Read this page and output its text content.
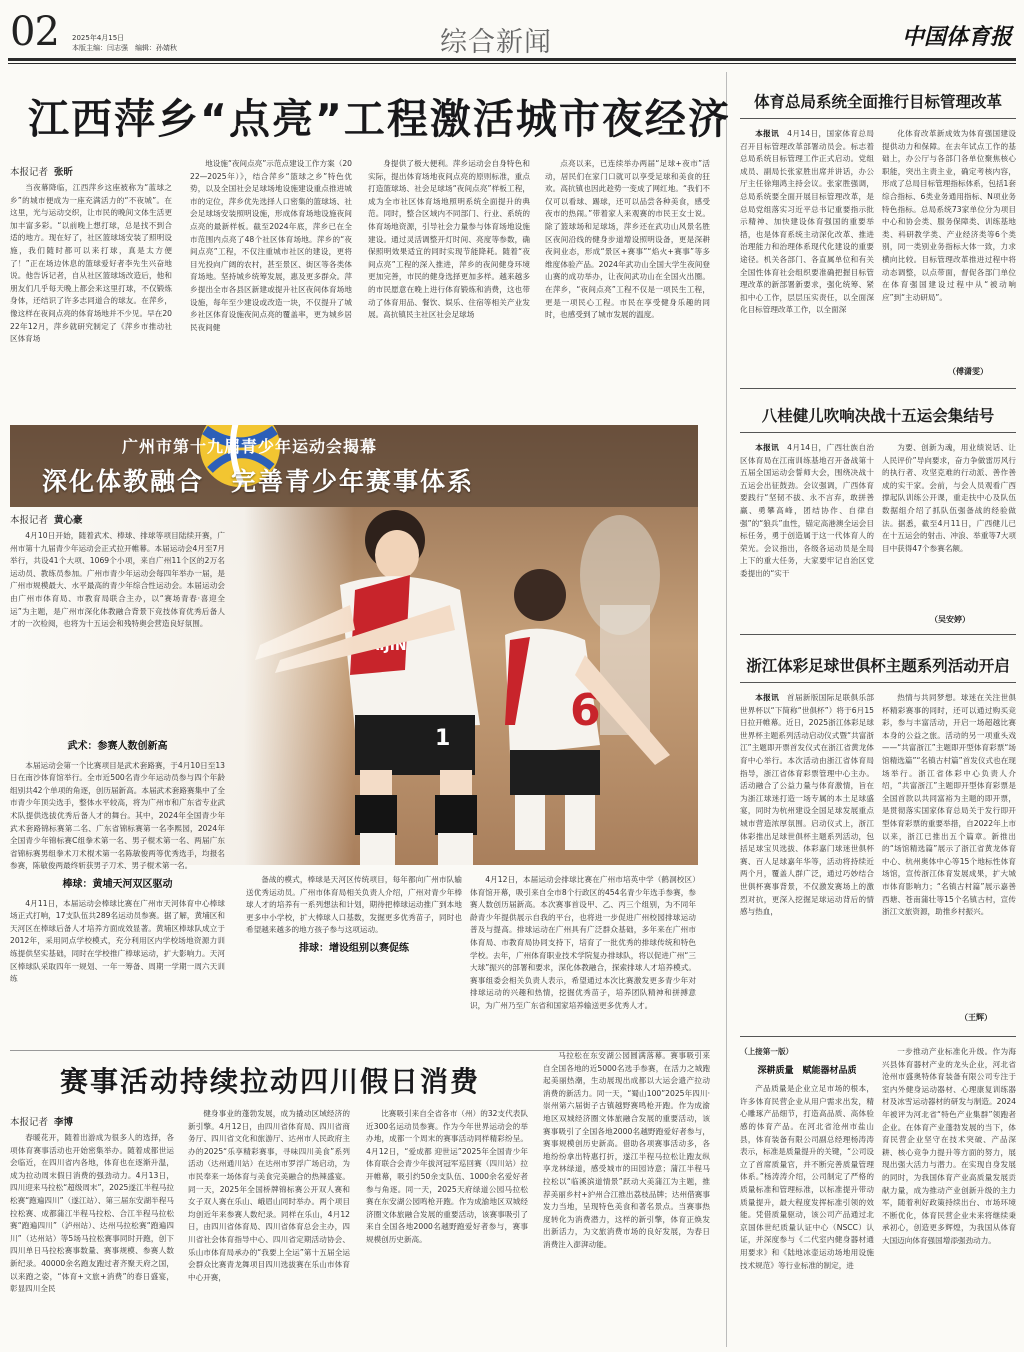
02 2025年4月15日
本版主编：闫志强　编辑：孙婧秋	综合新闻	中国体育报
江西萍乡“点亮”工程激活城市夜经济
本报记者 张昕

当夜幕降临，江西萍乡这座被称为“蓝球之乡”的城市便成为一座充满活力的“不夜城”。在这里，光与运动交织，让市民的晚间文体生活更加丰富多彩。“以前晚上想打球，总是找不到合适的地方。现在好了，社区篮球场安装了照明设施，我们随时都可以来打球，真是太方便了！”正在场边休息的篮球爱好者李先生兴奋地说。他告诉记者，自从社区篮球场改造后，他和朋友们几乎每天晚上都会来这里打球，不仅锻炼身体，还结识了许多志同道合的球友。在萍乡，像这样在夜间点亮的体育场地并不少见。早在2022年12月，萍乡就研究制定了《萍乡市推动社区体育场

地设施“夜间点亮”示范点建设工作方案（2022—2025年）》，结合萍乡“篮球之乡”特色优势，以及全国社会足球场地设施建设重点推进城市的定位，萍乡优先选择人口密集的篮球场、社会足球场安装照明设施，形成体育场地设施夜间点亮的最新样板。截至2024年底，萍乡已在全市范围内点亮了48个社区体育场地。萍乡的“夜间点亮”工程，不仅注重城市社区的建设，更将目光投向广阔的农村，甚至景区、街区等各类体育场地。坚持城乡统筹发展，惠及更多群众。萍乡提出全市各县区新建或提升社区夜间体育场地设施，每年至少建设或改造一块，不仅提升了城乡社区体育设施夜间点亮的覆盖率，更为城乡居民夜间健

身提供了极大便利。萍乡运动会自身特色和实际，提出体育场地夜间点亮的原则标准，重点打造篮球场、社会足球场“夜间点亮”样板工程，成为全市社区体育场地照明系统全面提升的典范。同时，整合区域内不同部门、行业、系统的体育场地资源，引导社会力量参与体育场地设施建设。通过灵活调整开灯时间、亮度等参数，确保照明效果适宜的同时实现节能降耗。随着“夜间点亮”工程的深入推进，萍乡的夜间健身环境更加完善，市民的健身选择更加多样。越来越多的市民愿意在晚上进行体育锻炼和消费，这也带动了体育用品、餐饮、娱乐、住宿等相关产业发展。高抗镇民主社区社会足球场

点亮以来，已连续举办两届“足球+夜市”活动，居民们在家门口就可以享受足球和美食的狂欢。高抗镇也因此趁势一变成了网红地。“我们不仅可以看球、踢球，还可以品尝各种美食，感受夜市的热闹。”带着家人来观赛的市民王女士说。除了篮球场和足球场，萍乡还在武功山风景名胜区夜间沿线的健身步道增设照明设备，更是深耕夜间业态，形成“景区+赛事”“焰火+赛事”等多维度体验产品。2024年武功山全国大学生夜间登山赛的成功举办，让夜间武功山在全国火出圈。在萍乡，“夜间点亮”工程不仅是一项民生工程，更是一项民心工程。市民在享受健身乐趣的同时，也感受到了城市发展的温度。

广州市第十九届青少年运动会揭幕
深化体教融合　完善青少年赛事体系
本报记者 黄心豪

4月10日开始，随着武术、棒球、排球等项目陆续开赛，广州市第十九届青少年运动会正式拉开帷幕。本届运动会4月至7月举行，共设41个大项、1069个小项，来自广州11个区的2万名运动员、教练员参加。广州市青少年运动会每四年举办一届，是广州市规模最大、水平最高的青少年综合性运动会。本届运动会由广州市体育局、市教育局联合主办，以“赛场青春·喜迎全运”为主题，是广州市深化体教融合背景下竞技体育优秀后备人才的一次检阅，也将为十五运会和残特奥会营造良好氛围。

武术：参赛人数创新高

本届运动会第一个比赛项目是武术套路赛，于4月10日至13日在南沙体育馆举行。全市近500名青少年运动员参与四个年龄组别共42个单项的角逐，创历届新高。本届武术套路赛集中了全市青少年顶尖选手，整体水平较高，将为广州市和广东省专业武术队提供选拔优秀后备人才的舞台。其中，2024年全国青少年武术套路锦标赛第二名、广东省锦标赛第一名李熙园，2024年全国青少年锦标赛C组拳术第一名、男子棍术第一名、两届广东省锦标赛男组拳术刀术棍术第一名陈敏俊两等优秀选手，均报名参赛，陈敏俊两最终斩获男子刀术、男子棍术第一名。

棒球：黄埔天河双区驱动

4月11日，本届运动会棒球比赛在广州市天河体育中心棒球场正式打响，17支队伍共289名运动员参赛。据了解，黄埔区和天河区在棒球后备人才培养方面成效显著。黄埔区棒球队成立于2012年，采用同点学校模式，充分利用区内学校场地资源力训练提供坚实基础，同时在学校推广棒球运动，扩大影响力。天河区棒球队采取四年一规划、一年一筹备、周期一学期一周六天训练

备战的模式，棒球是天河区传统项目，每年都向广州市队输送优秀运动员。广州市体育局相关负责人介绍，广州对青少年棒球人才的培养有一系列想法和计划，期待把棒球运动推广到本地更多中小学校，扩大棒球人口基数，发掘更多优秀苗子，同时也希望越来越多的地方孩子参与这项运动。

排球：增设组别以赛促练

4月12日，本届运动会排球比赛在广州市培英中学（鹤洞校区）体育馆开幕，吸引来自全市8个行政区的454名青少年选手参赛，参赛人数创历届新高。本次赛事首设甲、乙、丙三个组别，为不同年龄青少年提供展示自我的平台，也将进一步促进广州校园排球运动普及与提高。排球运动在广州具有广泛群众基础，多年来在广州市体育局、市教育局协同支持下，培育了一批优秀的排球传统和特色学校。去年，广州体育职业技术学院复办排球队，将以促进广州“三大球”振兴的部署和要求，深化体教融合，探索排球人才培养模式。赛事组委会相关负责人表示，希望通过本次比赛激发更多青少年对排球运动的兴趣和热情，挖掘优秀苗子，培养团队精神和拼搏意识，为广州乃至广东省和国家培养输送更多优秀人才。

赛事活动持续拉动四川假日消费
本报记者 李博

春暖花开，随着出游成为很多人的选择，各项体育赛事活动也开始密集举办。随着成都世运会临近，在四川省内各地，体育也在逐渐升温，成为拉动周末假日消费的强劲动力。4月13日，四川迎来马拉松“超级周末”，2025遂江半程马拉松赛“跑遍四川”（遂江站）、第三届东安湖半程马拉松赛、成都蒲江半程马拉松、合江半程马拉松赛“跑遍四川”（泸州站）、达州马拉松赛“跑遍四川”（达州站）等5场马拉松赛事同时开跑，创下四川单日马拉松赛事数量、赛事规模、参赛人数新纪录。40000余名跑友跑过者齐聚天府之国，以来跑之姿，“体育+文旅+消费”的春日盛宴，彰显四川全民

健身事业的蓬勃发展，成为撬动区域经济的新引擎。4月12日，由四川省体育局、四川省商务厅、四川省文化和旅游厅、达州市人民政府主办的2025“乐享精彩赛事，寻味四川美食”系列活动（达州通川站）在达州市罗浮广场启动，为市民奉来一场体育与美食完美融合的热辣盛宴。同一天，2025年全国桥牌锦标赛公开双人赛和女子双人赛在乐山、峨眉山同时举办。两个项目均创近年来参赛人数纪录。同样在乐山，4月12日，由四川省体育局、四川省体育总会主办，四川省社会体育指导中心、四川省定期活动协会、乐山市体育局承办的“我要上全运”第十五届全运会群众比赛青龙舞项目四川选拔赛在乐山市体育中心开赛，

比赛吸引来自全省各市（州）的32支代表队近300名运动员参赛。作为今年世界运动会的举办地，成都一个周末的赛事活动同样精彩纷呈。4月12日，“爱成都 迎世运”2025年全国青少年体育联合会青少年拔河冠军巡回赛（四川站）拉开帷幕，吸引约50余支队伍、1000余名爱好者参与角逐。同一天，2025天府绿道公园马拉松赛在东安湖公园鸣枪开跑。作为成渝地区双城经济圈文体旅融合发展的重要活动，该赛事吸引了来自全国各地2000名越野跑爱好者参与，赛事规模创历史新高。

马拉松在东安湖公园圆满落幕。赛事吸引来自全国各地的近5000名选手参赛，在活力之城跑起美丽热潮，生动展现出成都以大运会遗产拉动消费的新活力。同一天，“蜀山100”2025年四川·崇州第六届街子古镇越野赛鸣枪开跑。作为成渝地区双城经济圈文体旅融合发展的重要活动，该赛事吸引了全国各地2000名越野跑爱好者参与，赛事规模创历史新高。借助各项赛事活动多，各地纷纷拿出特惠打折，遂江半程马拉松让跑友纵享龙林绿道，感受城市的田园诗意；蒲江半程马拉松以“临溪滨道情景”跃动大美蒲江为主题，推荐美丽乡村+沪州合江推出荔枝品牌；达州借赛事发力当地，呈现特色美食和著名景点。当赛事热度转化为消费潜力，这样的新引擎，体育正焕发出新活力，为文旅消费市场的良好发展，为春日消费注入澎湃动能。

体育总局系统全面推行目标管理改革

本报讯　 4月14日，国家体育总局召开目标管理改革部署动员会。标志着总局系统目标管理工作正式启动。党组成员、副局长张家胜出席并讲话，办公厅主任徐翔鸿主持会议。张家胜强调，总局系统要全面开展目标管理改革，是总局党组落实习近平总书记重要指示批示精神、加快建设体育强国的重要举措，也是体育系统主动深化改革、推进治理能力和治理体系现代化建设的重要途径。机关各部门、各直属单位和有关全国性体育社会组织要准确把握目标管理改革的新部署新要求，强化统筹、紧扣中心工作，层层压实责任，以全面深化目标管理改革工作，以全面深

化体育改革新成效为体育强国建设提供动力和保障。在去年试点工作的基础上，办公厅与各部门各单位聚焦核心职能，突出主责主业，确定考核内容，形成了总局目标管理指标体系，包括1套综合指标、6类业务通用指标、N项业务特色指标。总局系统73家单位分为项目中心和协会类、服务保障类、训练基地类、科研教学类、产业经济类等6个类别，同一类别业务指标大体一致，力求横向比较。目标管理改革推进过程中将动态调整，以点带面，督促各部门单位在体育强国建设过程中从“被动响应”到“主动研局”。

（傅潇雯）
八桂健儿吹响决战十五运会集结号

本报讯　 4月14日，广西壮族自治区体育局在江南训练基地召开备战第十五届全国运动会誓师大会，围绕决战十五运会出征鼓劲。会议强调，广西体育要践行“坚韧不拔、永不言弃，敢拼善赢、勇攀高峰，团结协作、自律自强”的“狼兵”血性，锚定高港澳全运会目标任务，勇于创造属于这一代体育人的荣光。会议指出，各级各运动员是全局上下的重大任务，大家要牢记自治区党委提出的“实干

为要、创新为魂，用业绩说话、让人民评价”导向要求，奋力争做雷厉风行的执行者、攻坚克难的行动派、善作善成的实干家。会前，与会人员观看广西撑起队训练公开课，重走扶中心及队伍数据组介绍了抓队伍强备战的经验做法。据悉，截至4月11日，广西健儿已在十五运会的射击、冲浪、举重等7大项目中获得47个参赛名额。

（吴安婷）
浙江体彩足球世俱杯主题系列活动开启

本报讯　 首届新版国际足联俱乐部世界杯以“下简称“世俱杯”）将于6月15日拉开帷幕。近日，2025浙江体彩足球世界杯主题系列活动启动仪式暨“共富浙江”主题即开票首发仪式在浙江省黄龙体育中心举行。本次活动由浙江省体育局指导，浙江省体育彩票管理中心主办。活动融合了公益力量与体育激情，旨在为浙江球迷打造一场专属的本土足球盛宴，同时为杭州建设全国足球发展重点城市营造浓厚氛围。启动仪式上，浙江体彩推出足球世俱杯主题系列活动，包括足球宝贝选拔、体彩嘉门球迷世俱杯赛、百人足球嘉年华等，活动将持续近两个月，覆盖人群广泛，通过巧妙结合世俱杯赛事背景，不仅激发赛场上的激烈对抗，更深入挖掘足球运动背后的情感与热血，

热情与共同梦想。球迷在关注世俱杯精彩赛事的同时，还可以通过购买竞彩，参与丰富活动，开启一场超越比赛本身的公益之旅。活动的另一项重头戏——“共富浙江”主题即开型体育彩票“场馆精选篇”“名镇古村篇”首发仪式也在现场举行。浙江省体彩中心负责人介绍，“共富浙江”主题即开型体育彩票是全国首款以共同富裕为主题的即开票，是贯彻落实国家体育总局关于发行即开型体育彩票的重要举措，自2022年上市以来，浙江已推出五个篇章。新推出的“场馆精选篇”展示了浙江省黄龙体育中心、杭州奥体中心等15个地标性体育场馆，宣传浙江体育发展成果，扩大城市体育影响力；“名镇古村篇”展示嘉善西塘、苍南蒲壮等15个名镇古村，宣传浙江文旅资源，助推乡村振兴。

（王辉）
（上接第一版）
深耕质量　赋能器材品质

产品质量是企业立足市场的根本，许多体育民营企业从用户需求出发，精心雕琢产品细节，打造高品质、高体验感的体育产品。在河北省沧州市盐山县，体育装备有限公司副总经理杨涛涛表示，标准是质量提升的关键，“公司设立了首席质量官，并不断完善质量管理体系。”杨涛涛介绍，公司制定了严格的质量标准和管理标准，以标准提升带动质量提升，最大程度发挥标准引领的效能。凭借质量驱动，该公司产品通过北京国体世纪质量认证中心（NSCC）认证，并深度参与《二代室内健身器材通用要求》和《陆地冰壶运动场地用设施技术规范》等行业标准的制定，进

一步推动产业标准化升级。作为海兴县体育器材产业的龙头企业，河北省沧州市盛奥特体育装备有限公司专注于室内外健身运动器材、心理康复训练器材及冰雪运动器材的研发与制造。2024年被评为河北省“特色产业集群”领跑者企业。在体育产业蓬勃发展的当下，体育民营企业坚守在技术突破、产品深耕、核心竞争力提升等方面的努力，展现出强大活力与潜力。在实现自身发展的同时，为我国体育产业高质量发展贡献力量，成为推动产业创新升级的主力军，随着利好政策持续出台、市场环境不断优化，体育民营企业未来将继续秉承初心，创造更多辉煌，为我国从体育大国迈向体育强国增添强劲动力。
